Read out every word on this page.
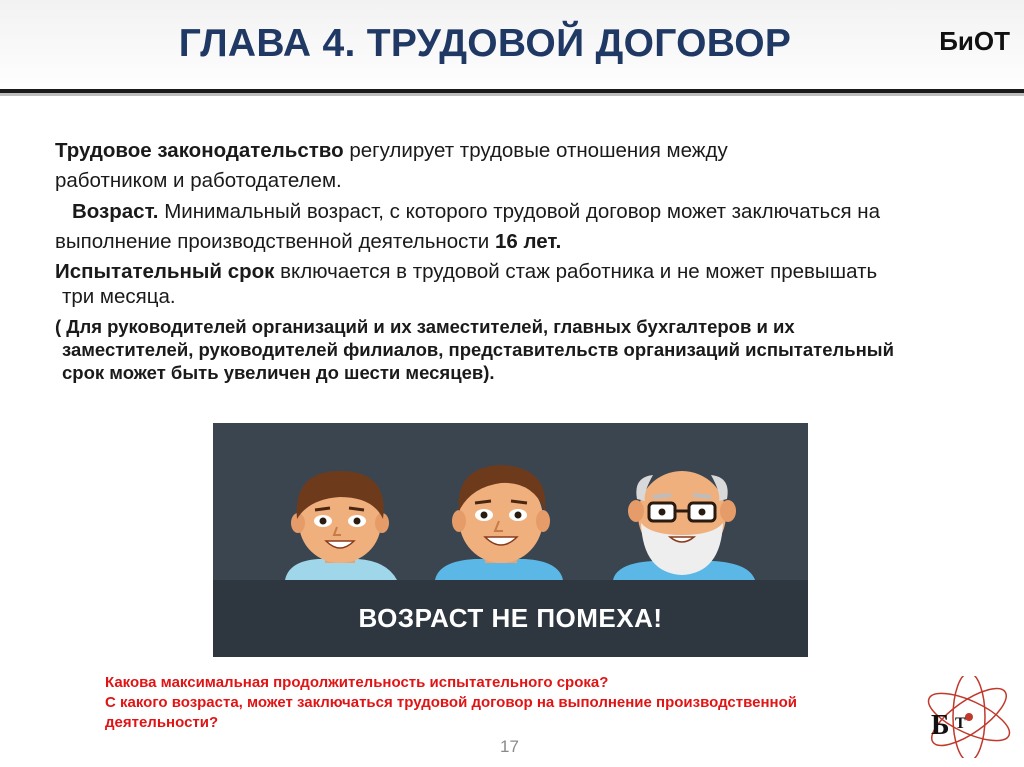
ГЛАВА 4. ТРУДОВОЙ ДОГОВОР	БиОТ
Трудовое законодательство регулирует трудовые отношения между
работником и работодателем.
Возраст. Минимальный возраст, с которого трудовой договор может заключаться на
выполнение производственной деятельности 16 лет.
Испытательный срок включается в трудовой стаж работника и не может превышать
три месяца.
( Для руководителей организаций и их заместителей, главных бухгалтеров и их
заместителей, руководителей филиалов, представительств организаций испытательный
срок может быть увеличен до шести месяцев).
ВОЗРАСТ НЕ ПОМЕХА!
Какова максимальная продолжительность испытательного срока?
С какого возраста, может заключаться трудовой договор на выполнение производственной
деятельности?
17
Б Т
